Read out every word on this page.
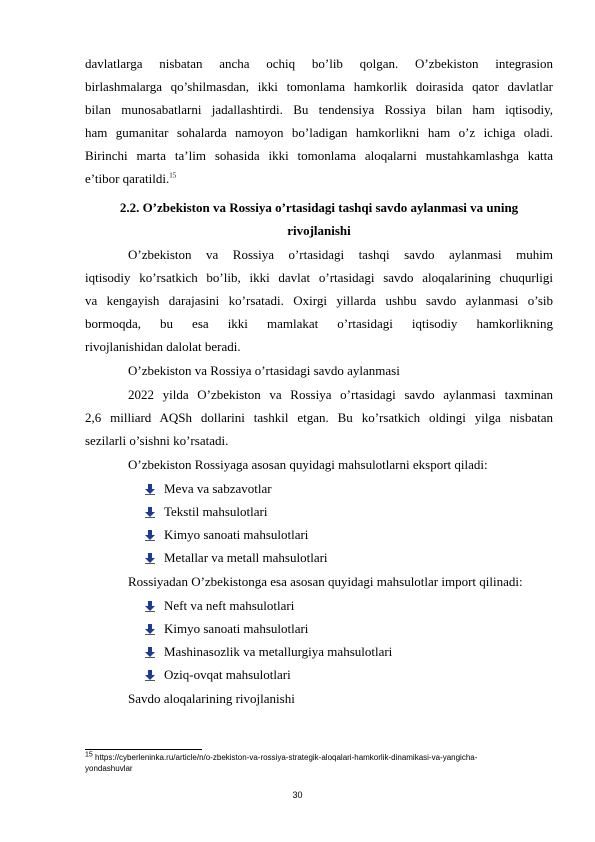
davlatlarga nisbatan ancha ochiq bo’lib qolgan. O’zbekiston integrasion
birlashmalarga qo’shilmasdan, ikki tomonlama hamkorlik doirasida qator davlatlar
bilan munosabatlarni jadallashtirdi. Bu tendensiya Rossiya bilan ham iqtisodiy,
ham gumanitar sohalarda namoyon bo’ladigan hamkorlikni ham o’z ichiga oladi.
Birinchi marta ta’lim sohasida ikki tomonlama aloqalarni mustahkamlashga katta
e’tibor qaratildi.$^{15}$
2.2. O’zbekiston va Rossiya o’rtasidagi tashqi savdo aylanmasi va uning
rivojlanishi
O’zbekiston va Rossiya o’rtasidagi tashqi savdo aylanmasi muhim
iqtisodiy ko’rsatkich bo’lib, ikki davlat o’rtasidagi savdo aloqalarining chuqurligi
va kengayish darajasini ko’rsatadi. Oxirgi yillarda ushbu savdo aylanmasi o’sib
bormoqda, bu esa ikki mamlakat o’rtasidagi iqtisodiy hamkorlikning
rivojlanishidan dalolat beradi.
O’zbekiston va Rossiya o’rtasidagi savdo aylanmasi
2022 yilda O’zbekiston va Rossiya o’rtasidagi savdo aylanmasi taxminan
2,6 milliard AQSh dollarini tashkil etgan. Bu ko’rsatkich oldingi yilga nisbatan
sezilarli o’sishni ko’rsatadi.
O’zbekiston Rossiyaga asosan quyidagi mahsulotlarni eksport qiladi:
Meva va sabzavotlar
Tekstil mahsulotlari
Kimyo sanoati mahsulotlari
Metallar va metall mahsulotlari
Rossiyadan O’zbekistonga esa asosan quyidagi mahsulotlar import qilinadi:
Neft va neft mahsulotlari
Kimyo sanoati mahsulotlari
Mashinasozlik va metallurgiya mahsulotlari
Oziq-ovqat mahsulotlari
Savdo aloqalarining rivojlanishi
$^{15}$ https://cyberleninka.ru/article/n/o-zbekiston-va-rossiya-strategik-aloqalari-hamkorlik-dinamikasi-va-yangicha-
yondashuvlar
30
